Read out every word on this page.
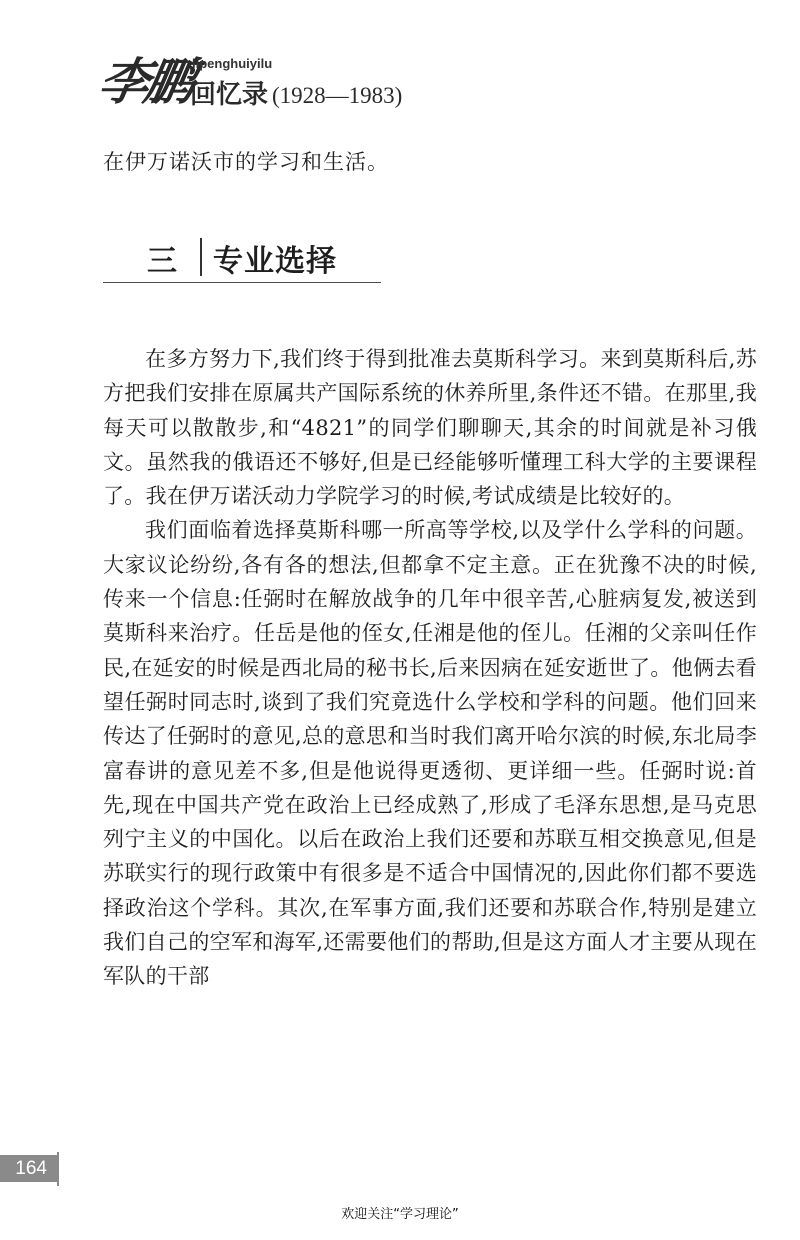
李鹏
lipenghuiyilu
回忆录 (1928—1983)
在伊万诺沃市的学习和生活。
三 专业选择

在多方努力下,我们终于得到批准去莫斯科学习。来到莫斯科后,苏方把我们安排在原属共产国际系统的休养所里,条件还不错。在那里,我每天可以散散步,和“4821”的同学们聊聊天,其余的时间就是补习俄文。虽然我的俄语还不够好,但是已经能够听懂理工科大学的主要课程了。我在伊万诺沃动力学院学习的时候,考试成绩是比较好的。

我们面临着选择莫斯科哪一所高等学校,以及学什么学科的问题。大家议论纷纷,各有各的想法,但都拿不定主意。正在犹豫不决的时候,传来一个信息:任弼时在解放战争的几年中很辛苦,心脏病复发,被送到莫斯科来治疗。任岳是他的侄女,任湘是他的侄儿。任湘的父亲叫任作民,在延安的时候是西北局的秘书长,后来因病在延安逝世了。他俩去看望任弼时同志时,谈到了我们究竟选什么学校和学科的问题。他们回来传达了任弼时的意见,总的意思和当时我们离开哈尔滨的时候,东北局李富春讲的意见差不多,但是他说得更透彻、更详细一些。任弼时说:首先,现在中国共产党在政治上已经成熟了,形成了毛泽东思想,是马克思列宁主义的中国化。以后在政治上我们还要和苏联互相交换意见,但是苏联实行的现行政策中有很多是不适合中国情况的,因此你们都不要选择政治这个学科。其次,在军事方面,我们还要和苏联合作,特别是建立我们自己的空军和海军,还需要他们的帮助,但是这方面人才主要从现在军队的干部

164
欢迎关注“学习理论”
